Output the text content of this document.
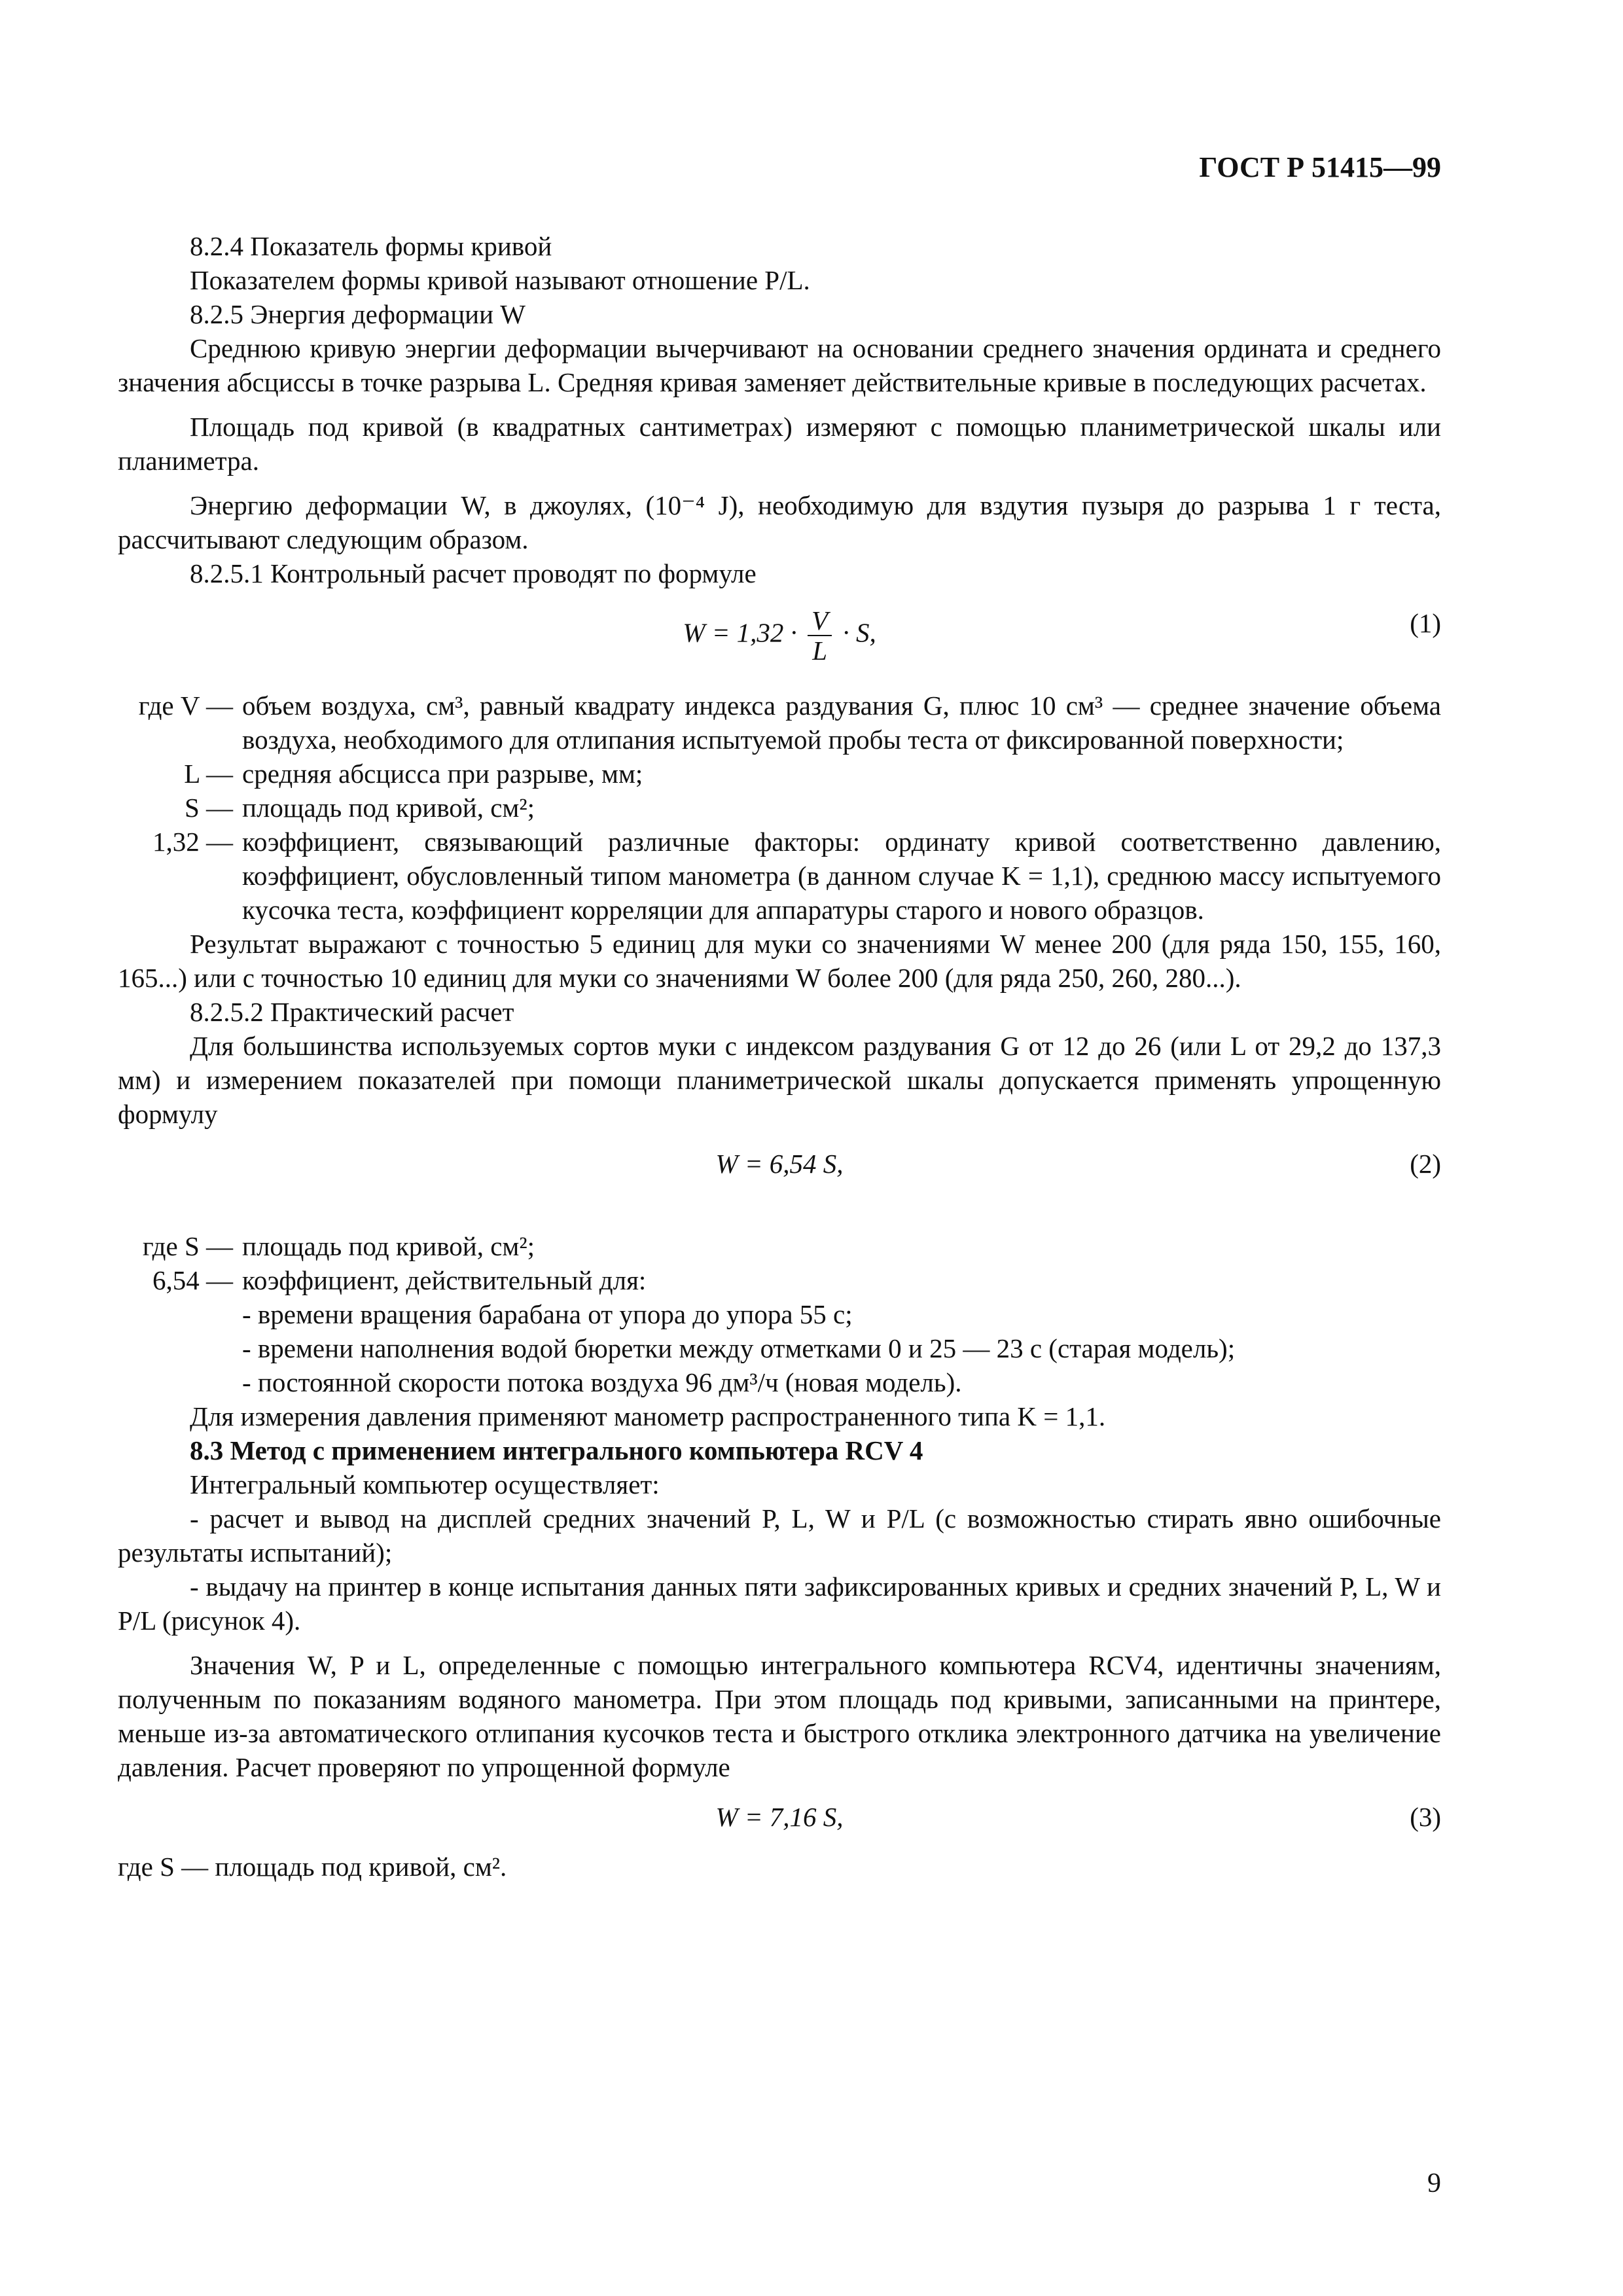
ГОСТ Р 51415—99

8.2.4 Показатель формы кривой

Показателем формы кривой называют отношение P/L.

8.2.5 Энергия деформации W

Среднюю кривую энергии деформации вычерчивают на основании среднего значения ордината и среднего значения абсциссы в точке разрыва L. Средняя кривая заменяет действительные кривые в последующих расчетах.

Площадь под кривой (в квадратных сантиметрах) измеряют с помощью планиметрической шкалы или планиметра.

Энергию деформации W, в джоулях, (10⁻⁴ J), необходимую для вздутия пузыря до разрыва 1 г теста, рассчитывают следующим образом.

8.2.5.1 Контрольный расчет проводят по формуле

$W = 1,32 \cdot \frac{V}{L} \cdot S$,	(1)
где V — объем воздуха, см³, равный квадрату индекса раздувания G, плюс 10 см³ — среднее значение объема воздуха, необходимого для отлипания испытуемой пробы теста от фиксированной поверхности;
L — средняя абсцисса при разрыве, мм;
S — площадь под кривой, см²;
1,32 — коэффициент, связывающий различные факторы: ординату кривой соответственно давлению, коэффициент, обусловленный типом манометра (в данном случае K = 1,1), среднюю массу испытуемого кусочка теста, коэффициент корреляции для аппаратуры старого и нового образцов.

Результат выражают с точностью 5 единиц для муки со значениями W менее 200 (для ряда 150, 155, 160, 165...) или с точностью 10 единиц для муки со значениями W более 200 (для ряда 250, 260, 280...).

8.2.5.2 Практический расчет

Для большинства используемых сортов муки с индексом раздувания G от 12 до 26 (или L от 29,2 до 137,3 мм) и измерением показателей при помощи планиметрической шкалы допускается применять упрощенную формулу

W = 6,54 S,	(2)
где S — площадь под кривой, см²;
6,54 — коэффициент, действительный для:
- времени вращения барабана от упора до упора 55 с;
- времени наполнения водой бюретки между отметками 0 и 25 — 23 с (старая модель);
- постоянной скорости потока воздуха 96 дм³/ч (новая модель).

Для измерения давления применяют манометр распространенного типа K = 1,1.

8.3 Метод с применением интегрального компьютера RCV 4

Интегральный компьютер осуществляет:

- расчет и вывод на дисплей средних значений P, L, W и P/L (с возможностью стирать явно ошибочные результаты испытаний);

- выдачу на принтер в конце испытания данных пяти зафиксированных кривых и средних значений P, L, W и P/L (рисунок 4).

Значения W, P и L, определенные с помощью интегрального компьютера RCV4, идентичны значениям, полученным по показаниям водяного манометра. При этом площадь под кривыми, записанными на принтере, меньше из-за автоматического отлипания кусочков теста и быстрого отклика электронного датчика на увеличение давления. Расчет проверяют по упрощенной формуле

W = 7,16 S,	(3)

где S — площадь под кривой, см².

9
